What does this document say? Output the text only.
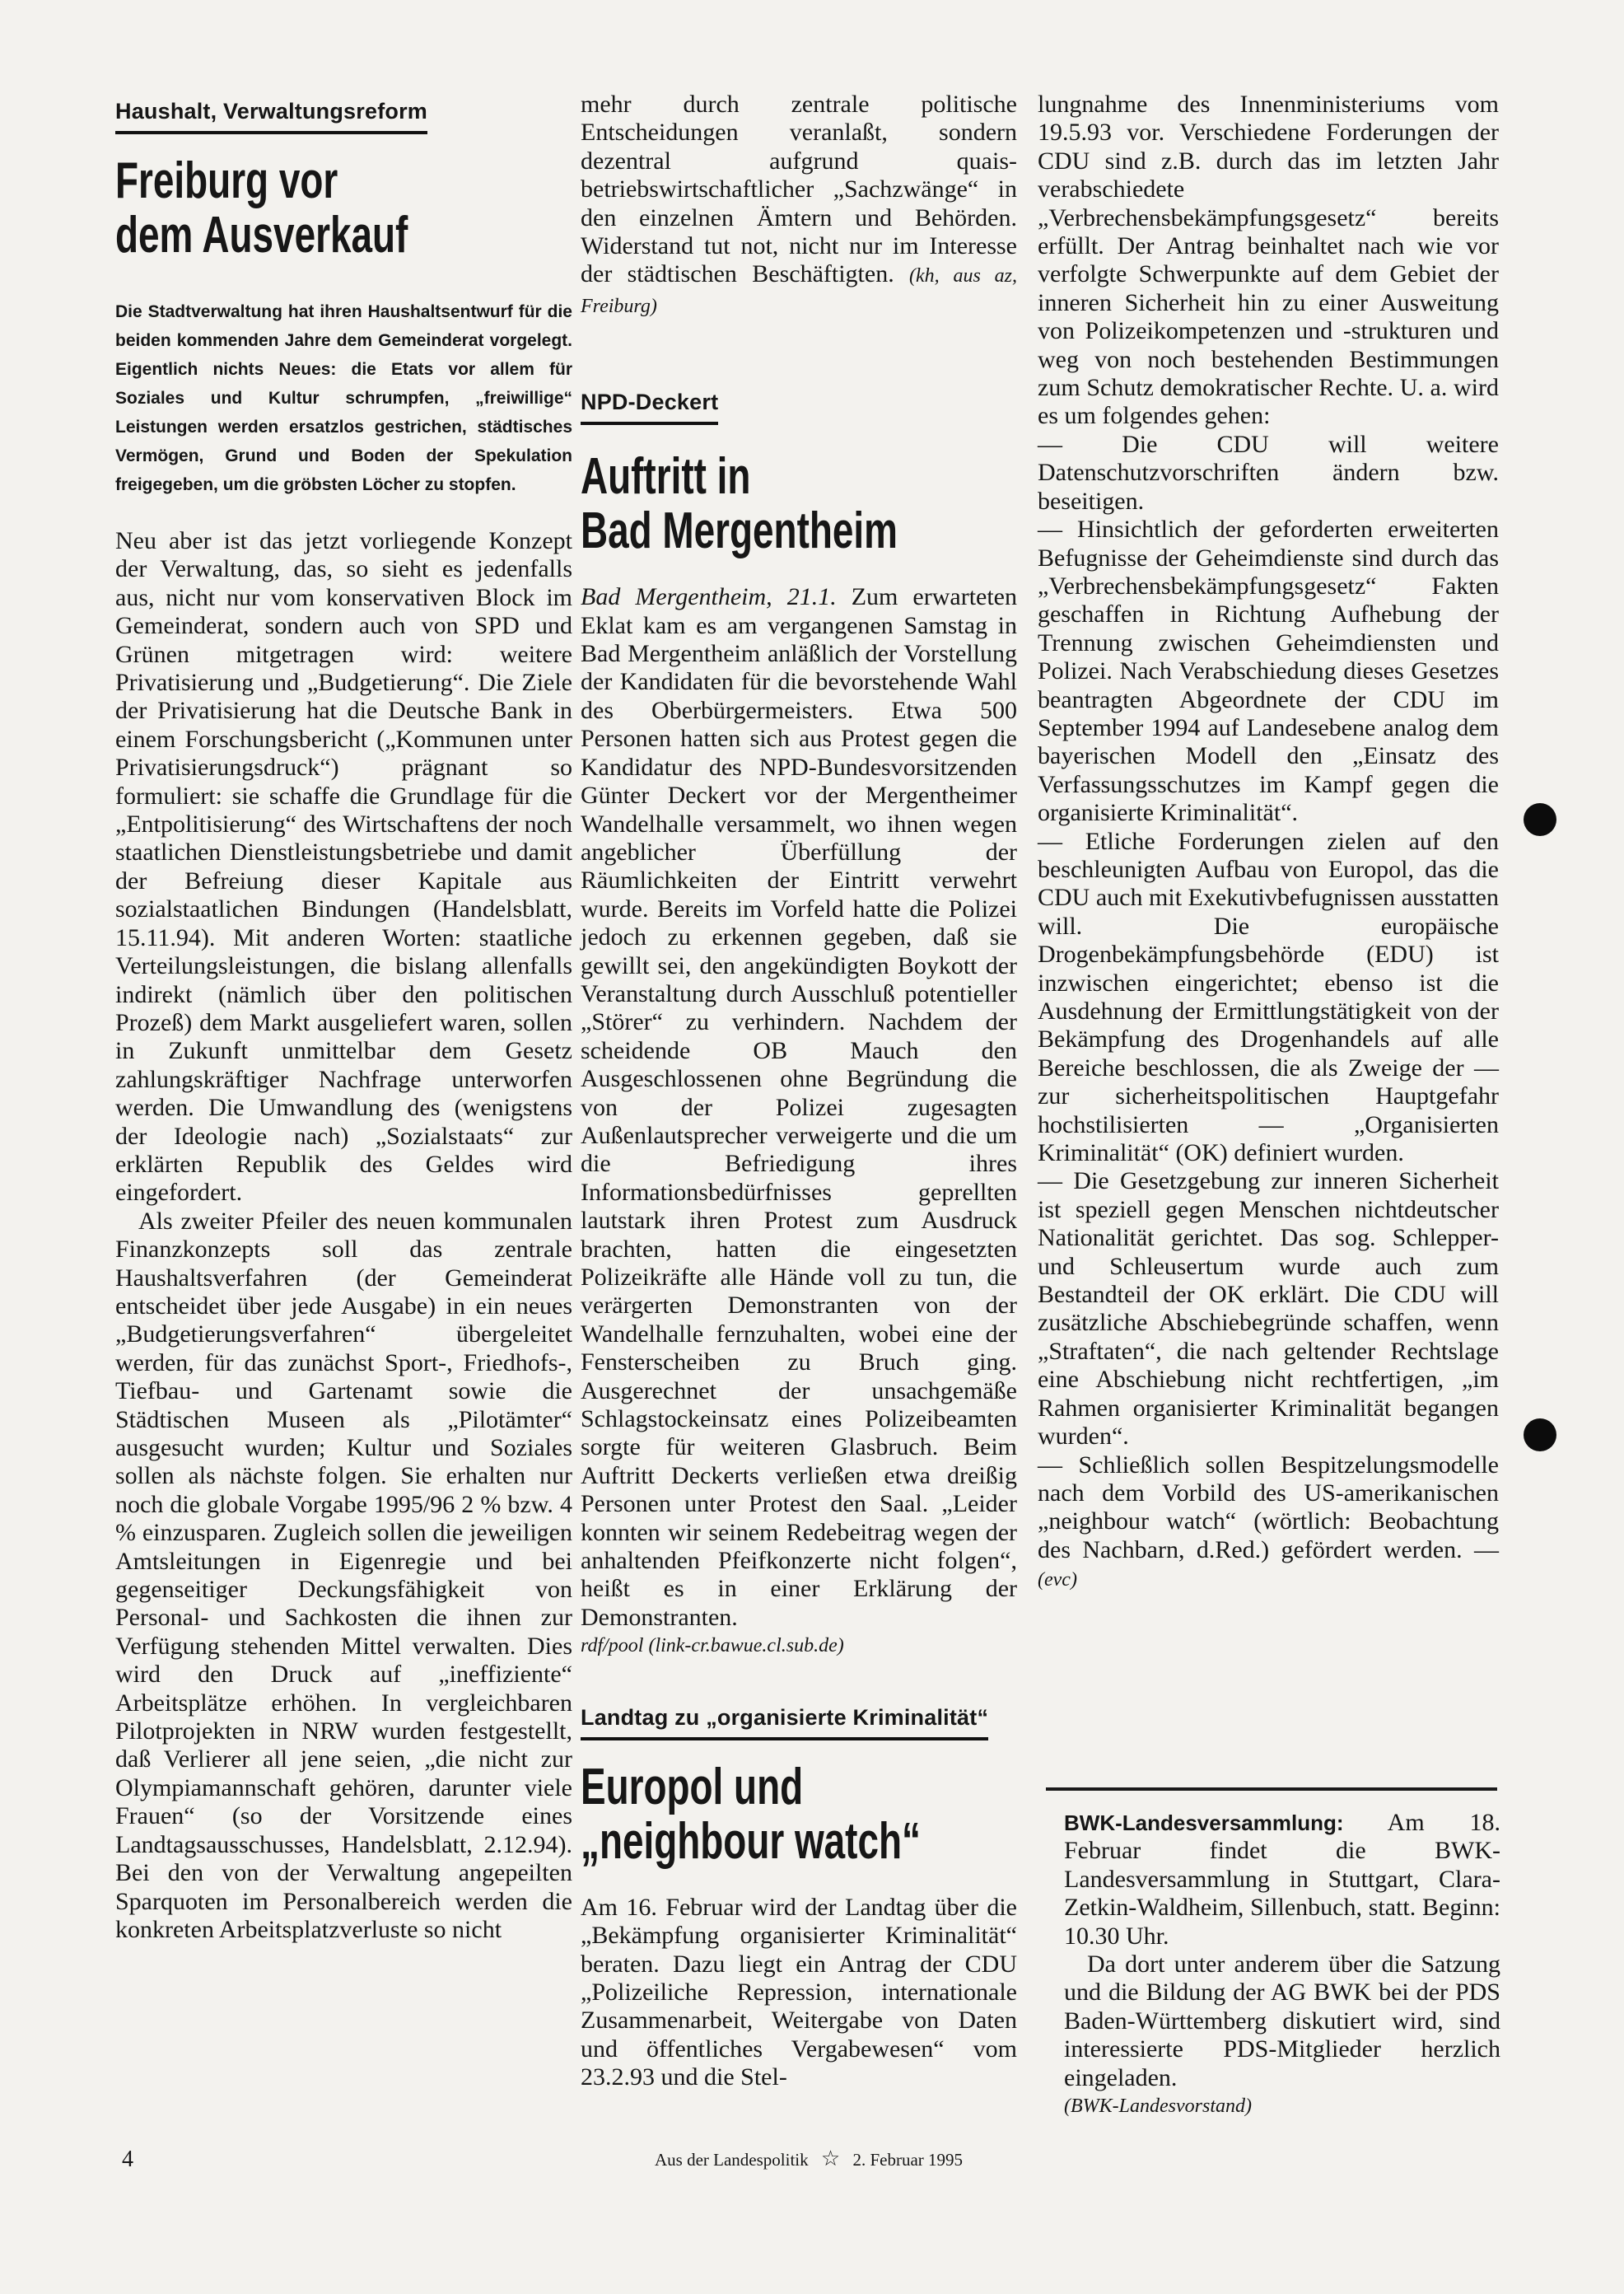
Haushalt, Verwaltungsreform
Freiburg vor
dem Ausverkauf

Die Stadtverwaltung hat ihren Haushaltsentwurf für die beiden kommenden Jahre dem Gemeinderat vorgelegt. Eigentlich nichts Neues: die Etats vor allem für Soziales und Kultur schrumpfen, „freiwillige“ Leistungen werden ersatzlos gestrichen, städtisches Vermögen, Grund und Boden der Spekulation freigegeben, um die gröbsten Löcher zu stopfen.

Neu aber ist das jetzt vorliegende Konzept der Verwaltung, das, so sieht es jedenfalls aus, nicht nur vom konservativen Block im Gemeinderat, sondern auch von SPD und Grünen mitgetragen wird: weitere Privatisierung und „Budgetierung“. Die Ziele der Privatisierung hat die Deutsche Bank in einem Forschungsbericht („Kommunen unter Privatisierungsdruck“) prägnant so formuliert: sie schaffe die Grundlage für die „Entpolitisierung“ des Wirtschaftens der noch staatlichen Dienstleistungsbetriebe und damit der Befreiung dieser Kapitale aus sozialstaatlichen Bindungen (Handelsblatt, 15.11.94). Mit anderen Worten: staatliche Verteilungsleistungen, die bislang allenfalls indirekt (nämlich über den politischen Prozeß) dem Markt ausgeliefert waren, sollen in Zukunft unmittelbar dem Gesetz zahlungskräftiger Nachfrage unterworfen werden. Die Umwandlung des (wenigstens der Ideologie nach) „Sozialstaats“ zur erklärten Republik des Geldes wird eingefordert.

Als zweiter Pfeiler des neuen kommunalen Finanzkonzepts soll das zentrale Haushaltsverfahren (der Gemeinderat entscheidet über jede Ausgabe) in ein neues „Budgetierungsverfahren“ übergeleitet werden, für das zunächst Sport-, Friedhofs-, Tiefbau- und Gartenamt sowie die Städtischen Museen als „Pilotämter“ ausgesucht wurden; Kultur und Soziales sollen als nächste folgen. Sie erhalten nur noch die globale Vorgabe 1995/96 2 % bzw. 4 % einzusparen. Zugleich sollen die jeweiligen Amtsleitungen in Eigenregie und bei gegenseitiger Deckungsfähigkeit von Personal- und Sachkosten die ihnen zur Verfügung stehenden Mittel verwalten. Dies wird den Druck auf „ineffiziente“ Arbeitsplätze erhöhen. In vergleichbaren Pilotprojekten in NRW wurden festgestellt, daß Verlierer all jene seien, „die nicht zur Olympiamannschaft gehören, darunter viele Frauen“ (so der Vorsitzende eines Landtagsausschusses, Handelsblatt, 2.12.94). Bei den von der Verwaltung angepeilten Sparquoten im Personalbereich werden die konkreten Arbeitsplatzverluste so nicht

mehr durch zentrale politische Entscheidungen veranlaßt, sondern dezentral aufgrund quais-betriebswirtschaftlicher „Sachzwänge“ in den einzelnen Ämtern und Behörden. Widerstand tut not, nicht nur im Interesse der städtischen Beschäftigten. (kh, aus az, Freiburg)

NPD-Deckert
Auftritt in
Bad Mergentheim

Bad Mergentheim, 21.1. Zum erwarteten Eklat kam es am vergangenen Samstag in Bad Mergentheim anläßlich der Vorstellung der Kandidaten für die bevorstehende Wahl des Oberbürgermeisters. Etwa 500 Personen hatten sich aus Protest gegen die Kandidatur des NPD-Bundesvorsitzenden Günter Deckert vor der Mergentheimer Wandelhalle versammelt, wo ihnen wegen angeblicher Überfüllung der Räumlichkeiten der Eintritt verwehrt wurde. Bereits im Vorfeld hatte die Polizei jedoch zu erkennen gegeben, daß sie gewillt sei, den angekündigten Boykott der Veranstaltung durch Ausschluß potentieller „Störer“ zu verhindern. Nachdem der scheidende OB Mauch den Ausgeschlossenen ohne Begründung die von der Polizei zugesagten Außenlautsprecher verweigerte und die um die Befriedigung ihres Informationsbedürfnisses geprellten lautstark ihren Protest zum Ausdruck brachten, hatten die eingesetzten Polizeikräfte alle Hände voll zu tun, die verärgerten Demonstranten von der Wandelhalle fernzuhalten, wobei eine der Fensterscheiben zu Bruch ging. Ausgerechnet der unsachgemäße Schlagstockeinsatz eines Polizeibeamten sorgte für weiteren Glasbruch. Beim Auftritt Deckerts verließen etwa dreißig Personen unter Protest den Saal. „Leider konnten wir seinem Redebeitrag wegen der anhaltenden Pfeifkonzerte nicht folgen“, heißt es in einer Erklärung der Demonstranten.

rdf/pool (link-cr.bawue.cl.sub.de)

Landtag zu „organisierte Kriminalität“
Europol und
„neighbour watch“

Am 16. Februar wird der Landtag über die „Bekämpfung organisierter Kriminalität“ beraten. Dazu liegt ein Antrag der CDU „Polizeiliche Repression, internationale Zusammenarbeit, Weitergabe von Daten und öffentliches Vergabewesen“ vom 23.2.93 und die Stel-

lungnahme des Innenministeriums vom 19.5.93 vor. Verschiedene Forderungen der CDU sind z.B. durch das im letzten Jahr verabschiedete „Verbrechensbekämpfungsgesetz“ bereits erfüllt. Der Antrag beinhaltet nach wie vor verfolgte Schwerpunkte auf dem Gebiet der inneren Sicherheit hin zu einer Ausweitung von Polizeikompetenzen und -strukturen und weg von noch bestehenden Bestimmungen zum Schutz demokratischer Rechte. U. a. wird es um folgendes gehen:

— Die CDU will weitere Datenschutzvorschriften ändern bzw. beseitigen.

— Hinsichtlich der geforderten erweiterten Befugnisse der Geheimdienste sind durch das „Verbrechensbekämpfungsgesetz“ Fakten geschaffen in Richtung Aufhebung der Trennung zwischen Geheimdiensten und Polizei. Nach Verabschiedung dieses Gesetzes beantragten Abgeordnete der CDU im September 1994 auf Landesebene analog dem bayerischen Modell den „Einsatz des Verfassungsschutzes im Kampf gegen die organisierte Kriminalität“.

— Etliche Forderungen zielen auf den beschleunigten Aufbau von Europol, das die CDU auch mit Exekutivbefugnissen ausstatten will. Die europäische Drogenbekämpfungsbehörde (EDU) ist inzwischen eingerichtet; ebenso ist die Ausdehnung der Ermittlungstätigkeit von der Bekämpfung des Drogenhandels auf alle Bereiche beschlossen, die als Zweige der — zur sicherheitspolitischen Hauptgefahr hochstilisierten — „Organisierten Kriminalität“ (OK) definiert wurden.

— Die Gesetzgebung zur inneren Sicherheit ist speziell gegen Menschen nichtdeutscher Nationalität gerichtet. Das sog. Schlepper- und Schleusertum wurde auch zum Bestandteil der OK erklärt. Die CDU will zusätzliche Abschiebegründe schaffen, wenn „Straftaten“, die nach geltender Rechtslage eine Abschiebung nicht rechtfertigen, „im Rahmen organisierter Kriminalität begangen wurden“.

— Schließlich sollen Bespitzelungsmodelle nach dem Vorbild des US-amerikanischen „neighbour watch“ (wörtlich: Beobachtung des Nachbarn, d.Red.) gefördert werden. — (evc)

BWK-Landesversammlung: Am 18. Februar findet die BWK-Landesversammlung in Stuttgart, Clara-Zetkin-Waldheim, Sillenbuch, statt. Beginn: 10.30 Uhr.

Da dort unter anderem über die Satzung und die Bildung der AG BWK bei der PDS Baden-Württemberg diskutiert wird, sind interessierte PDS-Mitglieder herzlich eingeladen.

(BWK-Landesvorstand)

4	Aus der Landespolitik ☆ 2. Februar 1995
